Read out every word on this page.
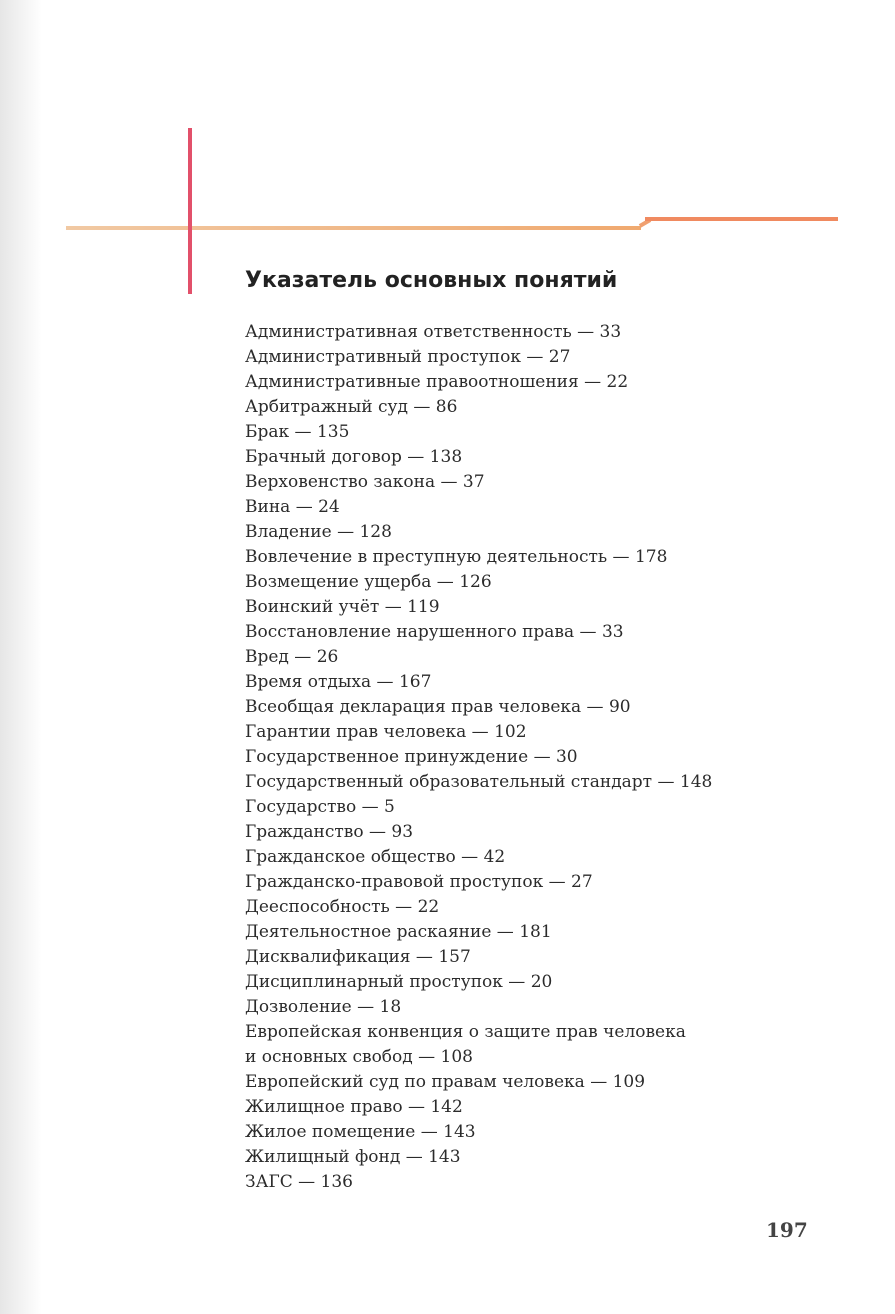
Указатель основных понятий
Административная ответственность — 33
Административный проступок — 27
Административные правоотношения — 22
Арбитражный суд — 86
Брак — 135
Брачный договор — 138
Верховенство закона — 37
Вина — 24
Владение — 128
Вовлечение в преступную деятельность — 178
Возмещение ущерба — 126
Воинский учёт — 119
Восстановление нарушенного права — 33
Вред — 26
Время отдыха — 167
Всеобщая декларация прав человека — 90
Гарантии прав человека — 102
Государственное принуждение — 30
Государственный образовательный стандарт — 148
Государство — 5
Гражданство — 93
Гражданское общество — 42
Гражданско-правовой проступок — 27
Дееспособность — 22
Деятельностное раскаяние — 181
Дисквалификация — 157
Дисциплинарный проступок — 20
Дозволение — 18
Европейская конвенция о защите прав человека
и основных свобод — 108
Европейский суд по правам человека — 109
Жилищное право — 142
Жилое помещение — 143
Жилищный фонд — 143
ЗАГС — 136
197
